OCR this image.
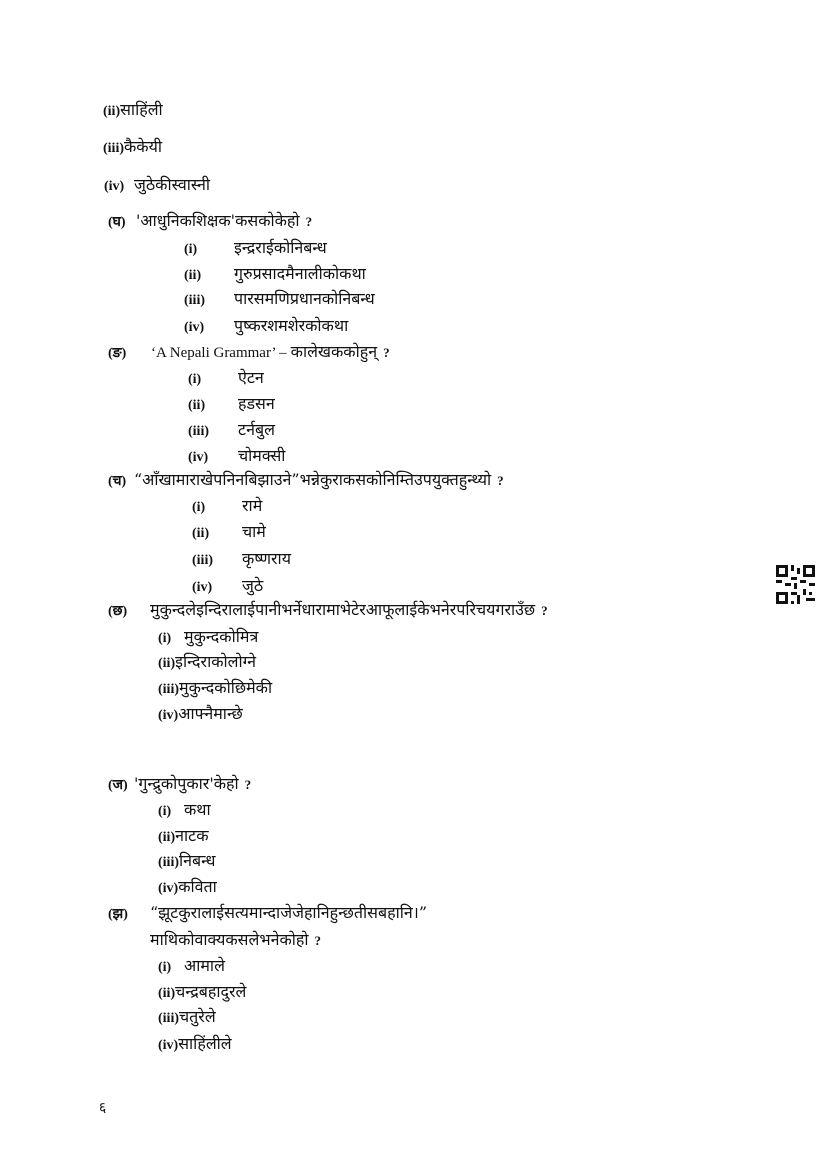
६
(ii)साहिंली
(iii)कैकेयी
(iv) जुठेकीस्वास्नी
(घ) 'आधुनिकशिक्षक'कसकोकेहो ?
(i) इन्द्रराईकोनिबन्ध
(ii) गुरुप्रसादमैनालीकोकथा
(iii) पारसमणिप्रधानकोनिबन्ध
(iv) पुष्करशमशेरकोकथा
(ङ) ‘A Nepali Grammar’ – कालेखककोहुन् ?
(i) ऐटन
(ii) हडसन
(iii) टर्नबुल
(iv) चोमक्सी
(च) “आँखामाराखेपनिनबिझाउने”भन्नेकुराकसकोनिम्तिउपयुक्तहुन्थ्यो ?
(i) रामे
(ii) चामे
(iii) कृष्णराय
(iv) जुठे
(छ) मुकुन्दलेइन्दिरालाईपानीभर्नेधारामाभेटेरआफूलाईकेभनेरपरिचयगराउँछ ?
(i) मुकुन्दकोमित्र
(ii)इन्दिराकोलोग्ने
(iii)मुकुन्दकोछिमेकी
(iv)आफ्नैमान्छे
(ज) 'गुन्द्रुकोपुकार'केहो ?
(i) कथा
(ii)नाटक
(iii)निबन्ध
(iv)कविता
(झ) “झूटकुरालाईसत्यमान्दाजेजेहानिहुन्छतीसबहानि।”
माथिकोवाक्यकसलेभनेकोहो ?
(i) आमाले
(ii)चन्द्रबहादुरले
(iii)चतुरेले
(iv)साहिंलीले
